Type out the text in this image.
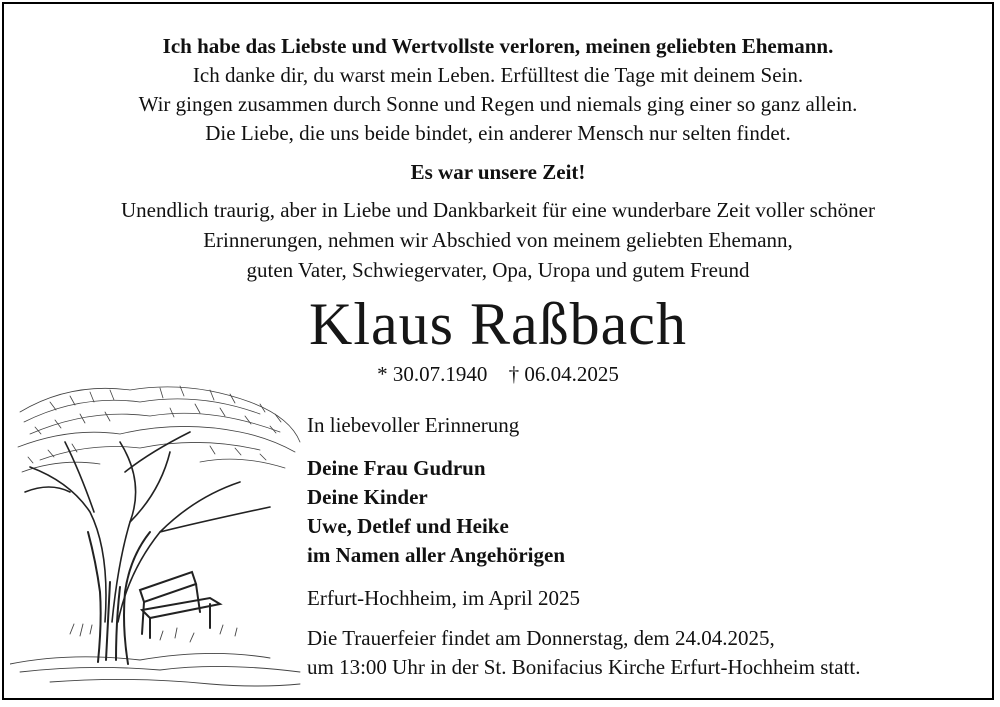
Ich habe das Liebste und Wertvollste verloren, meinen geliebten Ehemann.
Ich danke dir, du warst mein Leben. Erfülltest die Tage mit deinem Sein.
Wir gingen zusammen durch Sonne und Regen und niemals ging einer so ganz allein.
Die Liebe, die uns beide bindet, ein anderer Mensch nur selten findet.
Es war unsere Zeit!
Unendlich traurig, aber in Liebe und Dankbarkeit für eine wunderbare Zeit voller schöner
Erinnerungen, nehmen wir Abschied von meinem geliebten Ehemann,
guten Vater, Schwiegervater, Opa, Uropa und gutem Freund
Klaus Raßbach
* 30.07.1940 † 06.04.2025
In liebevoller Erinnerung
Deine Frau Gudrun
Deine Kinder
Uwe, Detlef und Heike
im Namen aller Angehörigen
Erfurt-Hochheim, im April 2025
Die Trauerfeier findet am Donnerstag, dem 24.04.2025,
um 13:00 Uhr in der St. Bonifacius Kirche Erfurt-Hochheim statt.
